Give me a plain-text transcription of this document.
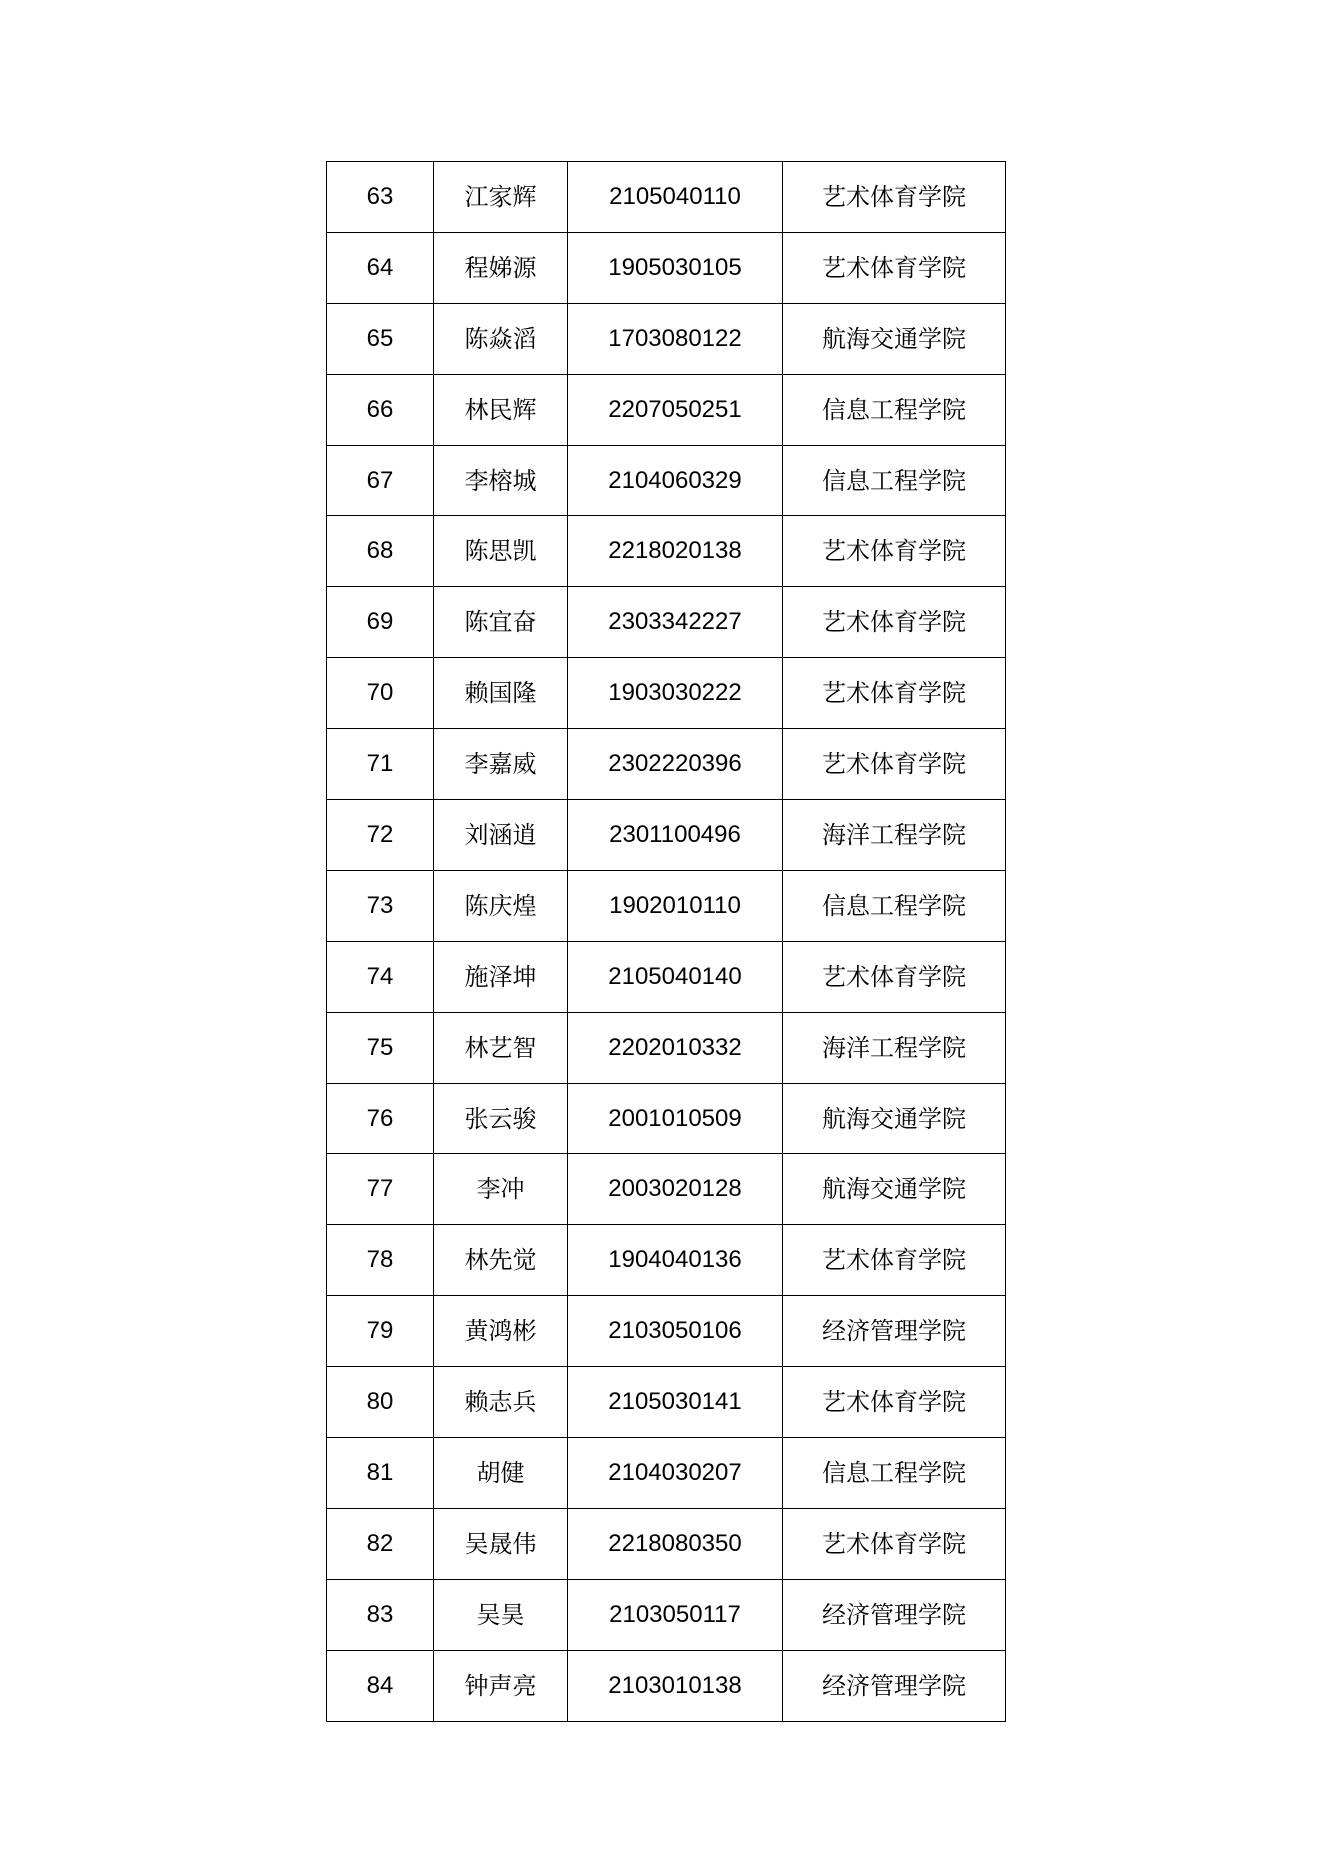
63	江家辉	2105040110	艺术体育学院
64	程娣源	1905030105	艺术体育学院
65	陈焱滔	1703080122	航海交通学院
66	林民辉	2207050251	信息工程学院
67	李榕城	2104060329	信息工程学院
68	陈思凯	2218020138	艺术体育学院
69	陈宜奋	2303342227	艺术体育学院
70	赖国隆	1903030222	艺术体育学院
71	李嘉威	2302220396	艺术体育学院
72	刘涵逍	2301100496	海洋工程学院
73	陈庆煌	1902010110	信息工程学院
74	施泽坤	2105040140	艺术体育学院
75	林艺智	2202010332	海洋工程学院
76	张云骏	2001010509	航海交通学院
77	李冲	2003020128	航海交通学院
78	林先觉	1904040136	艺术体育学院
79	黄鸿彬	2103050106	经济管理学院
80	赖志兵	2105030141	艺术体育学院
81	胡健	2104030207	信息工程学院
82	吴晟伟	2218080350	艺术体育学院
83	吴昊	2103050117	经济管理学院
84	钟声亮	2103010138	经济管理学院
